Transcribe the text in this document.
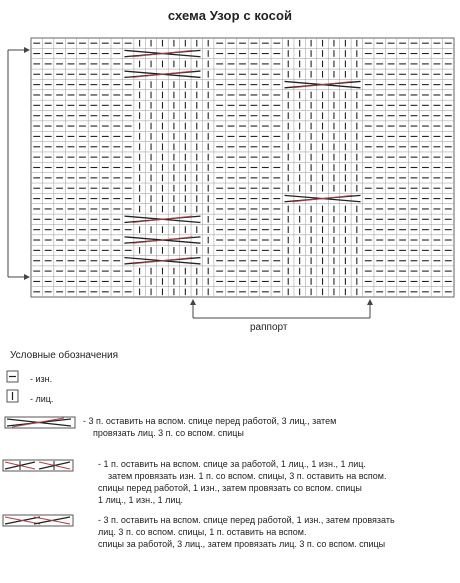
схема Узор с косой
раппорт
Условные обозначения
- изн.
- лиц.
- 3 п. оставить на вспом. спице перед работой, 3 лиц., затем
провязать лиц. 3 п. со вспом. спицы
- 1 п. оставить на вспом. спице за работой, 1 лиц., 1 изн., 1 лиц.
затем провязать изн. 1 п. со вспом. спицы, 3 п. оставить на вспом.
спицы перед работой, 1 изн., затем провязать со вспом. спицы
1 лиц., 1 изн., 1 лиц.
- 3 п. оставить на вспом. спице перед работой, 1 изн., затем провязать
лиц. 3 п. со вспом. спицы, 1 п. оставить на вспом.
спицы за работой, 3 лиц., затем провязать лиц. 3 п. со вспом. спицы
